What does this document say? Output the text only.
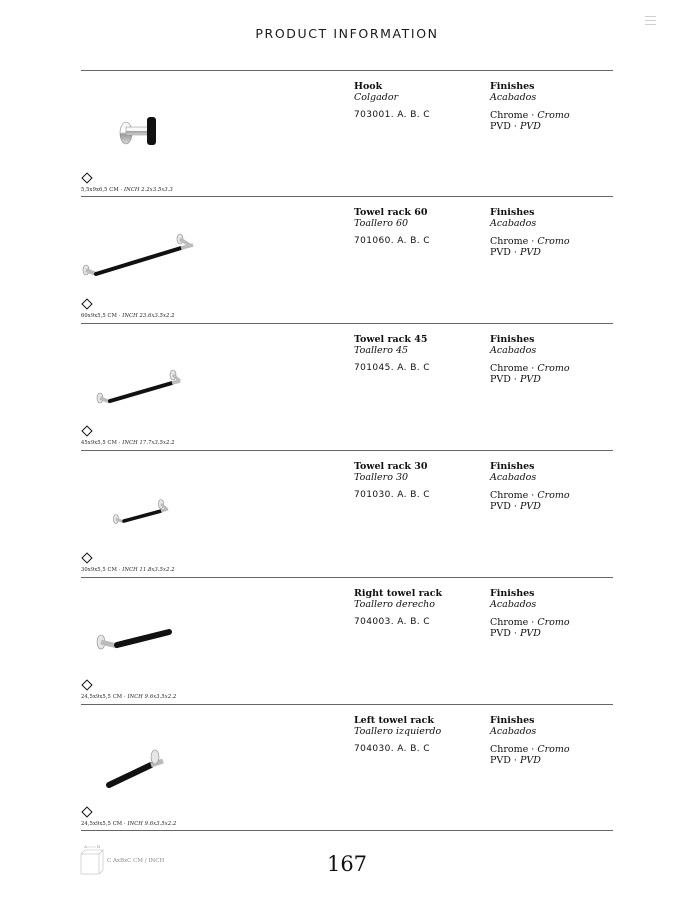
PRODUCT INFORMATION
5,5x9x6,5 CM · INCH 2.2x3.5x3.3
Hook
Colgador
703001. A. B. C
Finishes
Acabados
Chrome · Cromo
PVD · PVD
60x9x5,5 CM · INCH 23.6x3.5x2.2
Towel rack 60
Toallero 60
701060. A. B. C
Finishes
Acabados
Chrome · Cromo
PVD · PVD
45x9x5,5 CM · INCH 17.7x3.5x2.2
Towel rack 45
Toallero 45
701045. A. B. C
Finishes
Acabados
Chrome · Cromo
PVD · PVD
30x9x5,5 CM · INCH 11.8x3.5x2.2
Towel rack 30
Toallero 30
701030. A. B. C
Finishes
Acabados
Chrome · Cromo
PVD · PVD
24,5x9x5,5 CM · INCH 9.6x3.5x2.2
Right towel rack
Toallero derecho
704003. A. B. C
Finishes
Acabados
Chrome · Cromo
PVD · PVD
24,5x9x5,5 CM · INCH 9.6x3.5x2.2
Left towel rack
Toallero izquierdo
704030. A. B. C
Finishes
Acabados
Chrome · Cromo
PVD · PVD
A	B
C AxBxC CM / INCH	167
